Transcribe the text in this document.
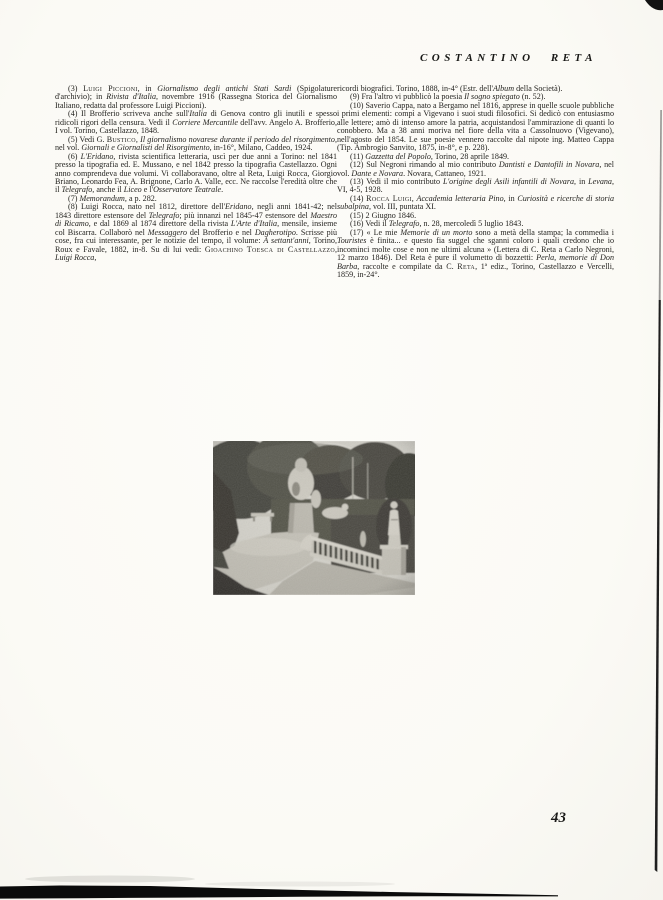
COSTANTINO RETA

(3) Luigi Piccioni, in Giornalismo degli antichi Stati Sardi (Spigolature d'archivio); in Rivista d'Italia, novembre 1916 (Rassegna Storica del Giornalismo Italiano, redatta dal professore Luigi Piccioni).

(4) Il Brofferio scriveva anche sull'Italia di Genova contro gli inutili e spesso ridicoli rigori della censura. Vedi il Corriere Mercantile dell'avv. Angelo A. Brofferio, I vol. Torino, Castellazzo, 1848.

(5) Vedi G. Bustico, Il giornalismo novarese durante il periodo del risorgimento, nel vol. Giornali e Giornalisti del Risorgimento, in-16°, Milano, Caddeo, 1924.

(6) L'Eridano, rivista scientifica letteraria, uscì per due anni a Torino: nel 1841 presso la tipografia ed. E. Mussano, e nel 1842 presso la tipografia Castellazzo. Ogni anno comprendeva due volumi. Vi collaboravano, oltre al Reta, Luigi Rocca, Giorgio Briano, Leonardo Fea, A. Brignone, Carlo A. Valle, ecc. Ne raccolse l'eredità oltre che il Telegrafo, anche il Liceo e l'Osservatore Teatrale.

(7) Memorandum, a p. 282.

(8) Luigi Rocca, nato nel 1812, direttore dell'Eridano, negli anni 1841-42; nel 1843 direttore estensore del Telegrafo; più innanzi nel 1845-47 estensore del Maestro di Ricamo, e dal 1869 al 1874 direttore della rivista L'Arte d'Italia, mensile, insieme col Biscarra. Collaborò nel Messaggero del Brofferio e nel Dagherotipo. Scrisse più cose, fra cui interessante, per le notizie del tempo, il volume: A settant'anni, Torino, Roux e Favale, 1882, in-8. Su di lui vedi: Gioachino Toesca di Castellazzo, Luigi Rocca,

ricordi biografici. Torino, 1888, in-4° (Estr. dell'Album della Società).

(9) Fra l'altro vi pubblicò la poesia Il sogno spiegato (n. 52).

(10) Saverio Cappa, nato a Bergamo nel 1816, apprese in quelle scuole pubbliche i primi elementi: compì a Vigevano i suoi studi filosofici. Si dedicò con entusiasmo alle lettere; amò di intenso amore la patria, acquistandosi l'ammirazione di quanti lo conobbero. Ma a 38 anni moriva nel fiore della vita a Cassolnuovo (Vigevano), nell'agosto del 1854. Le sue poesie vennero raccolte dal nipote ing. Matteo Cappa (Tip. Ambrogio Sanvito, 1875, in-8°, e p. 228).

(11) Gazzetta del Popolo, Torino, 28 aprile 1849.

(12) Sul Negroni rimando al mio contributo Dantisti e Dantofili in Novara, nel vol. Dante e Novara. Novara, Cattaneo, 1921.

(13) Vedi il mio contributo L'origine degli Asili infantili di Novara, in Levana, VI, 4-5, 1928.

(14) Rocca Luigi, Accademia letteraria Pino, in Curiosità e ricerche di storia subalpina, vol. III, puntata XI.

(15) 2 Giugno 1846.

(16) Vedi il Telegrafo, n. 28, mercoledì 5 luglio 1843.

(17) « Le mie Memorie di un morto sono a metà della stampa; la commedia i Touristes è finita... e questo fia suggel che sganni coloro i quali credono che io incominci molte cose e non ne ultimi alcuna » (Lettera di C. Reta a Carlo Negroni, 12 marzo 1846). Del Reta è pure il volumetto di bozzetti: Perla, memorie di Don Barba, raccolte e compilate da C. Reta, 1ª ediz., Torino, Castellazzo e Vercelli, 1859, in-24°.

43
